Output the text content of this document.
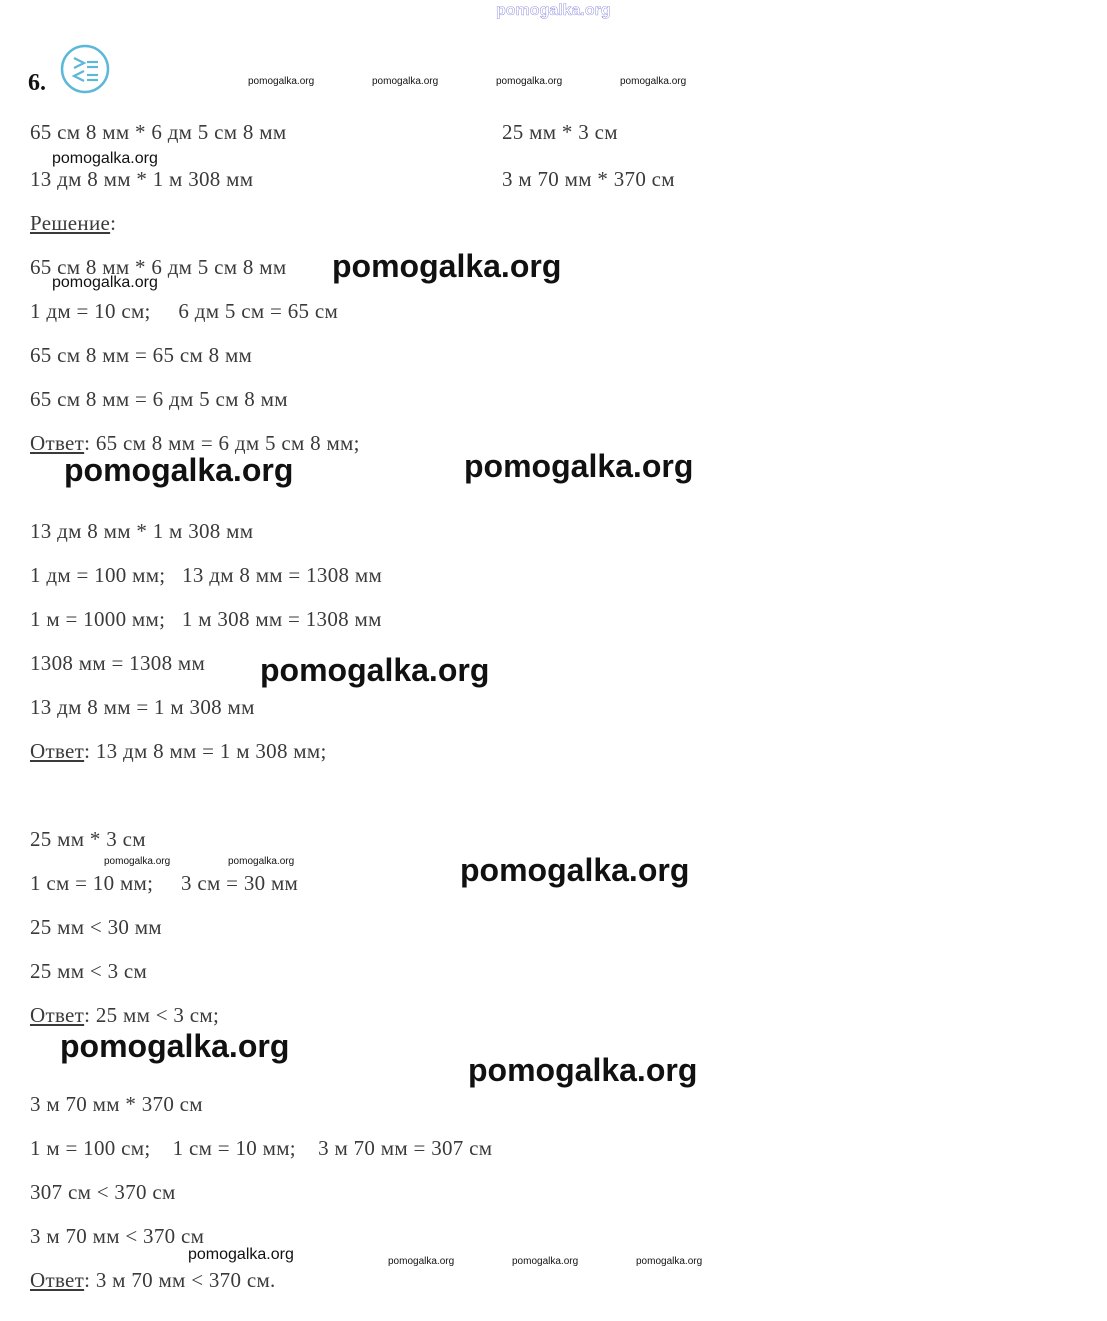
pomogalka.org
6.	pomogalka.org	pomogalka.org	pomogalka.org	pomogalka.org
65 см 8 мм * 6 дм 5 см 8 мм	25 мм * 3 см
pomogalka.org
13 дм 8 мм * 1 м 308 мм	3 м 70 мм * 370 см
Решение:
65 см 8 мм * 6 дм 5 см 8 мм pomogalka.org
pomogalka.org
1 дм = 10 см;     6 дм 5 см = 65 см
65 см 8 мм = 65 см 8 мм
65 см 8 мм = 6 дм 5 см 8 мм
Ответ: 65 см 8 мм = 6 дм 5 см 8 мм;
pomogalka.org	pomogalka.org
13 дм 8 мм * 1 м 308 мм
1 дм = 100 мм;   13 дм 8 мм = 1308 мм
1 м = 1000 мм;   1 м 308 мм = 1308 мм
1308 мм = 1308 мм pomogalka.org
13 дм 8 мм = 1 м 308 мм
Ответ: 13 дм 8 мм = 1 м 308 мм;
25 мм * 3 см
pomogalka.org	pomogalka.org	pomogalka.org
1 см = 10 мм;     3 см = 30 мм
25 мм < 30 мм
25 мм < 3 см
Ответ: 25 мм < 3 см;
pomogalka.org
pomogalka.org
3 м 70 мм * 370 см
1 м = 100 см;    1 см = 10 мм;    3 м 70 мм = 307 см
307 см < 370 см
3 м 70 мм < 370 см
pomogalka.org	pomogalka.org	pomogalka.org	pomogalka.org
Ответ: 3 м 70 мм < 370 см.
